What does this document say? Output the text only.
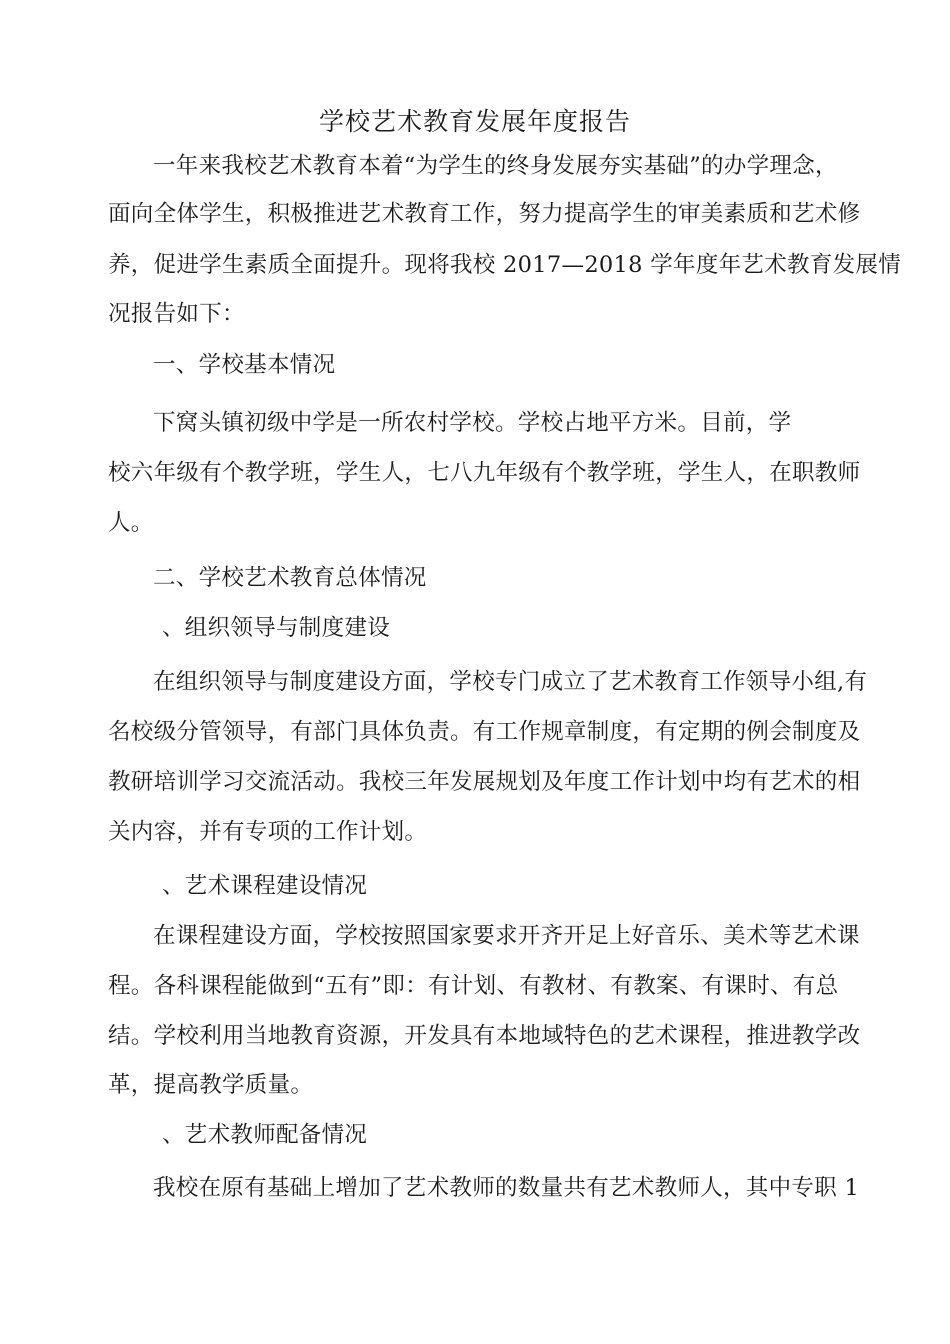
学校艺术教育发展年度报告
一年来我校艺术教育本着“为学生的终身发展夯实基础”的办学理念，
面向全体学生，积极推进艺术教育工作，努力提高学生的审美素质和艺术修
养，促进学生素质全面提升。现将我校 2017—2018 学年度年艺术教育发展情
况报告如下：
一、学校基本情况
下窝头镇初级中学是一所农村学校。学校占地平方米。目前，学
校六年级有个教学班，学生人，七八九年级有个教学班，学生人，在职教师
人。
二、学校艺术教育总体情况
、组织领导与制度建设
在组织领导与制度建设方面，学校专门成立了艺术教育工作领导小组,有
名校级分管领导，有部门具体负责。有工作规章制度，有定期的例会制度及
教研培训学习交流活动。我校三年发展规划及年度工作计划中均有艺术的相
关内容，并有专项的工作计划。
、艺术课程建设情况
在课程建设方面，学校按照国家要求开齐开足上好音乐、美术等艺术课
程。各科课程能做到“五有”即：有计划、有教材、有教案、有课时、有总
结。学校利用当地教育资源，开发具有本地域特色的艺术课程，推进教学改
革，提高教学质量。
、艺术教师配备情况
我校在原有基础上增加了艺术教师的数量共有艺术教师人，其中专职 1
